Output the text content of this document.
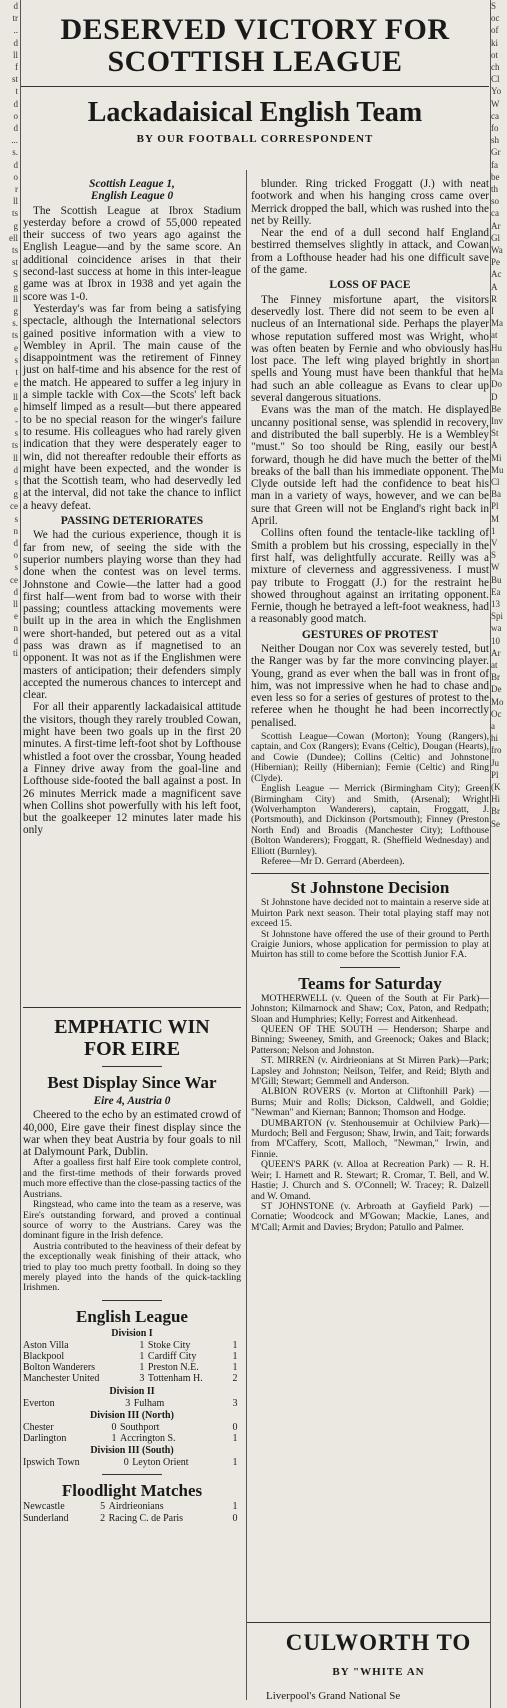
d
tr
..
d
ll
f
st
t
d
o
d
...
s.
d
o
r
ll
ts
g
ell
ts
st
S
g
ll
g
s.
ts
e
s
t
e
ll
e
-
s
ts
ll
d
s
g
ce
s
n
d
o
s
ce
d
ll
e
n
d
ti
DESERVED VICTORY FOR
SCOTTISH LEAGUE
Lackadaisical English Team
BY OUR FOOTBALL CORRESPONDENT

Scottish League 1,

English League 0

The Scottish League at Ibrox Stadium yesterday before a crowd of 55,000 repeated their success of two years ago against the English League—and by the same score. An additional coincidence arises in that their second-last success at home in this inter-league game was at Ibrox in 1938 and yet again the score was 1-0.

Yesterday's was far from being a satisfying spectacle, although the International selectors gained positive information with a view to Wembley in April. The main cause of the disappointment was the retirement of Finney just on half-time and his absence for the rest of the match. He appeared to suffer a leg injury in a simple tackle with Cox—the Scots' left back himself limped as a result—but there appeared to be no special reason for the winger's failure to resume. His colleagues who had rarely given indication that they were desperately eager to win, did not thereafter redouble their efforts as might have been expected, and the wonder is that the Scottish team, who had deservedly led at the interval, did not take the chance to inflict a heavy defeat.

PASSING DETERIORATES

We had the curious experience, though it is far from new, of seeing the side with the superior numbers playing worse than they had done when the contest was on level terms. Johnstone and Cowie—the latter had a good first half—went from bad to worse with their passing; countless attacking movements were built up in the area in which the Englishmen were short-handed, but petered out as a vital pass was drawn as if magnetised to an opponent. It was not as if the Englishmen were masters of anticipation; their defenders simply accepted the numerous chances to intercept and clear.

For all their apparently lackadaisical attitude the visitors, though they rarely troubled Cowan, might have been two goals up in the first 20 minutes. A first-time left-foot shot by Lofthouse whistled a foot over the crossbar, Young headed a Finney drive away from the goal-line and Lofthouse side-footed the ball against a post. In 26 minutes Merrick made a magnificent save when Collins shot powerfully with his left foot, but the goalkeeper 12 minutes later made his only

EMPHATIC WIN
FOR EIRE
Best Display Since War

Eire 4, Austria 0

Cheered to the echo by an estimated crowd of 40,000, Eire gave their finest display since the war when they beat Austria by four goals to nil at Dalymount Park, Dublin.

After a goalless first half Eire took complete control, and the first-time methods of their forwards proved much more effective than the close-passing tactics of the Austrians.

Ringstead, who came into the team as a reserve, was Eire's outstanding forward, and proved a continual source of worry to the Austrians. Carey was the dominant figure in the Irish defence.

Austria contributed to the heaviness of their defeat by the exceptionally weak finishing of their attack, who tried to play too much pretty football. In doing so they merely played into the hands of the quick-tackling Irishmen.

English League
Division I
Aston Villa	1	Stoke City	1
Blackpool	1	Cardiff City	1
Bolton Wanderers	1	Preston N.E.	1
Manchester United	3	Tottenham H.	2
Division II
Everton	3	Fulham	3
Division III (North)
Chester	0	Southport	0
Darlington	1	Accrington S.	1
Division III (South)
Ipswich Town	0	Leyton Orient	1
Floodlight Matches
Newcastle	5	Airdrieonians	1
Sunderland	2	Racing C. de Paris	0

blunder. Ring tricked Froggatt (J.) with neat footwork and when his hanging cross came over Merrick dropped the ball, which was rushed into the net by Reilly.

Near the end of a dull second half England bestirred themselves slightly in attack, and Cowan from a Lofthouse header had his one difficult save of the game.

LOSS OF PACE

The Finney misfortune apart, the visitors deservedly lost. There did not seem to be even a nucleus of an International side. Perhaps the player whose reputation suffered most was Wright, who was often beaten by Fernie and who obviously has lost pace. The left wing played brightly in short spells and Young must have been thankful that he had such an able colleague as Evans to clear up several dangerous situations.

Evans was the man of the match. He displayed uncanny positional sense, was splendid in recovery, and distributed the ball superbly. He is a Wembley "must." So too should be Ring, easily our best forward, though he did have much the better of the breaks of the ball than his immediate opponent. The Clyde outside left had the confidence to beat his man in a variety of ways, however, and we can be sure that Green will not be England's right back in April.

Collins often found the tentacle-like tackling of Smith a problem but his crossing, especially in the first half, was delightfully accurate. Reilly was a mixture of cleverness and aggressiveness. I must pay tribute to Froggatt (J.) for the restraint he showed throughout against an irritating opponent. Fernie, though he betrayed a left-foot weakness, had a reasonably good match.

GESTURES OF PROTEST

Neither Dougan nor Cox was severely tested, but the Ranger was by far the more convincing player. Young, grand as ever when the ball was in front of him, was not impressive when he had to chase and even less so for a series of gestures of protest to the referee when he thought he had been incorrectly penalised.

Scottish League—Cowan (Morton); Young (Rangers), captain, and Cox (Rangers); Evans (Celtic), Dougan (Hearts), and Cowie (Dundee); Collins (Celtic) and Johnstone (Hibernian); Reilly (Hibernian); Fernie (Celtic) and Ring (Clyde).

English League — Merrick (Birmingham City); Green (Birmingham City) and Smith, (Arsenal); Wright (Wolverhampton Wanderers), captain, Froggatt, J. (Portsmouth), and Dickinson (Portsmouth); Finney (Preston North End) and Broadis (Manchester City); Lofthouse (Bolton Wanderers); Froggatt, R. (Sheffield Wednesday) and Elliott (Burnley).

Referee—Mr D. Gerrard (Aberdeen).

St Johnstone Decision

St Johnstone have decided not to maintain a reserve side at Muirton Park next season. Their total playing staff may not exceed 15.

St Johnstone have offered the use of their ground to Perth Craigie Juniors, whose application for permission to play at Muirton has still to come before the Scottish Junior F.A.

Teams for Saturday

MOTHERWELL (v. Queen of the South at Fir Park)—Johnston; Kilmarnock and Shaw; Cox, Paton, and Redpath; Sloan and Humphries; Kelly; Forrest and Aitkenhead.

QUEEN OF THE SOUTH — Henderson; Sharpe and Binning; Sweeney, Smith, and Greenock; Oakes and Black; Patterson; Nelson and Johnston.

ST. MIRREN (v. Airdrieonians at St Mirren Park)—Park; Lapsley and Johnston; Neilson, Telfer, and Reid; Blyth and M'Gill; Stewart; Gemmell and Anderson.

ALBION ROVERS (v. Morton at Cliftonhill Park) — Burns; Muir and Rolls; Dickson, Caldwell, and Goldie; "Newman" and Kiernan; Bannon; Thomson and Hodge.

DUMBARTON (v. Stenhousemuir at Ochilview Park)—Murdoch; Bell and Ferguson; Shaw, Irwin, and Tait; forwards from M'Caffery, Scott, Malloch, "Newman," Irwin, and Finnie.

QUEEN'S PARK (v. Alloa at Recreation Park) — R. H. Weir; I. Harnett and R. Stewart; R. Cromar, T. Bell, and W. Hastie; J. Church and S. O'Connell; W. Tracey; R. Dalzell and W. Omand.

ST JOHNSTONE (v. Arbroath at Gayfield Park) — Cornatie; Woodcock and M'Gowan; Mackie, Lanes, and M'Call; Armit and Davies; Brydon; Patullo and Palmer.

CULWORTH TO
BY "WHITE AN
Liverpool's Grand National Se
S
oc
of
ki
ot
ch
Cl
Yo
W
ca
fo
sh
Gr
fa
be
th
so
ca
Ar
Gl
Wa
Pe
Ac
A
R
I
Ma
at
Hu
an
Ma
Do
D
Be
Inv
St
A
Mi
Mu
Cl
Ba
Pl
M
1
V
S
W
Bu
Ea
13
Spi
wa
10
Ar
at
Br
De
Mo
Oc
a
hi
fro
Ju
Pl
(K
Hi
Br
Se
